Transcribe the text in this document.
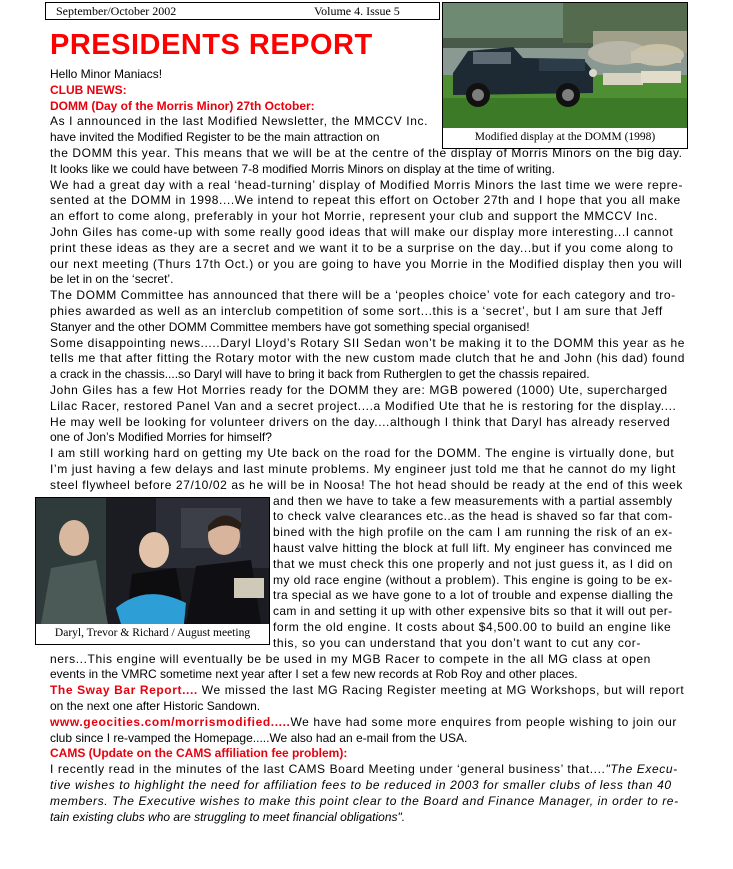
September/October 2002	Volume 4. Issue 5
PRESIDENTS REPORT
Modified display at the DOMM (1998)
Daryl, Trevor & Richard / August meeting
Hello Minor Maniacs!
CLUB NEWS:
DOMM (Day of the Morris Minor) 27th October:
As I announced in the last Modified Newsletter, the MMCCV Inc.
have invited the Modified Register to be the main attraction on
the DOMM this year. This means that we will be at the centre of the display of Morris Minors on the big day.
It looks like we could have between 7-8 modified Morris Minors on display at the time of writing.
We had a great day with a real ‘head-turning’ display of Modified Morris Minors the last time we were repre-
sented at the DOMM in 1998....We intend to repeat this effort on October 27th and I hope that you all make
an effort to come along, preferably in your hot Morrie, represent your club and support the MMCCV Inc.
John Giles has come-up with some really good ideas that will make our display more interesting...I cannot
print these ideas as they are a secret and we want it to be a surprise on the day...but if you come along to
our next meeting (Thurs 17th Oct.) or you are going to have you Morrie in the Modified display then you will
be let in on the ‘secret’.
The DOMM Committee has announced that there will be a ‘peoples choice’ vote for each category and tro-
phies awarded as well as an interclub competition of some sort...this is a ‘secret’, but I am sure that Jeff
Stanyer and the other DOMM Committee members have got something special organised!
Some disappointing news.....Daryl Lloyd’s Rotary SII Sedan won’t be making it to the DOMM this year as he
tells me that after fitting the Rotary motor with the new custom made clutch that he and John (his dad) found
a crack in the chassis....so Daryl will have to bring it back from Rutherglen to get the chassis repaired.
John Giles has a few Hot Morries ready for the DOMM they are: MGB powered (1000) Ute, supercharged
Lilac Racer, restored Panel Van and a secret project....a Modified Ute that he is restoring for the display....
He may well be looking for volunteer drivers on the day....although I think that Daryl has already reserved
one of Jon’s Modified Morries for himself?
I am still working hard on getting my Ute back on the road for the DOMM. The engine is virtually done, but
I’m just having a few delays and last minute problems. My engineer just told me that he cannot do my light
steel flywheel before 27/10/02 as he will be in Noosa! The hot head should be ready at the end of this week
and then we have to take a few measurements with a partial assembly
to check valve clearances etc..as the head is shaved so far that com-
bined with the high profile on the cam I am running the risk of an ex-
haust valve hitting the block at full lift. My engineer has convinced me
that we must check this one properly and not just guess it, as I did on
my old race engine (without a problem). This engine is going to be ex-
tra special as we have gone to a lot of trouble and expense dialling the
cam in and setting it up with other expensive bits so that it will out per-
form the old engine. It costs about $4,500.00 to build an engine like
this, so you can understand that you don’t want to cut any cor-
ners...This engine will eventually be be used in my MGB Racer to compete in the all MG class at open
events in the VMRC sometime next year after I set a few new records at Rob Roy and other places.
The Sway Bar Report.... We missed the last MG Racing Register meeting at MG Workshops, but will report
on the next one after Historic Sandown.
www.geocities.com/morrismodified.....We have had some more enquires from people wishing to join our
club since I re-vamped the Homepage.....We also had an e-mail from the USA.
CAMS (Update on the CAMS affiliation fee problem):
I recently read in the minutes of the last CAMS Board Meeting under ‘general business’ that...."The Execu-
tive wishes to highlight the need for affiliation fees to be reduced in 2003 for smaller clubs of less than 40
members. The Executive wishes to make this point clear to the Board and Finance Manager, in order to re-
tain existing clubs who are struggling to meet financial obligations".
